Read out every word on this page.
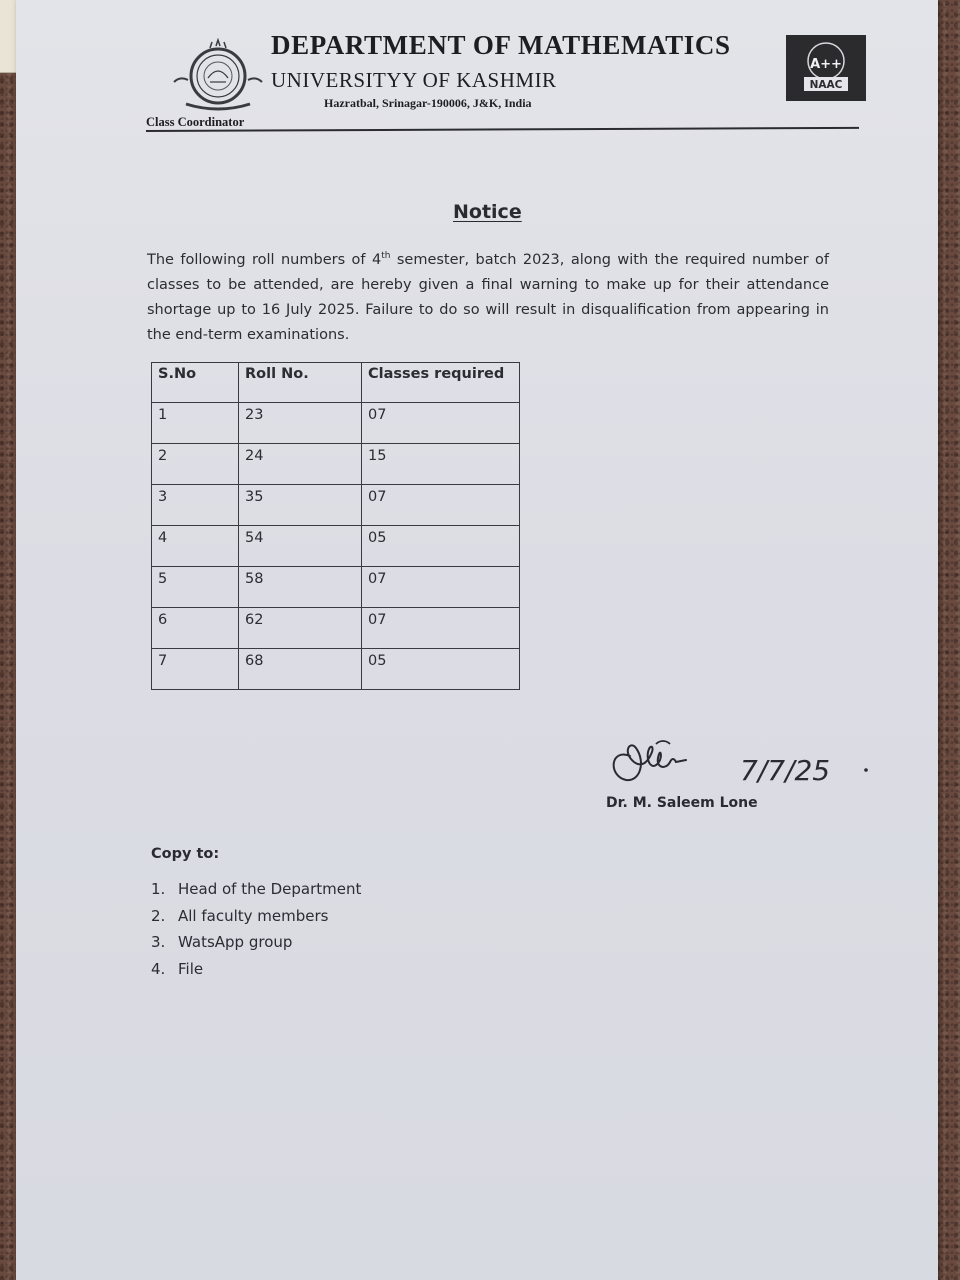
DEPARTMENT OF MATHEMATICS
UNIVERSITYY OF KASHMIR
Hazratbal, Srinagar-190006, J&K, India
A++
NAAC
Class Coordinator
Notice
The following roll numbers of 4th semester, batch 2023, along with the required number of classes to be attended, are hereby given a final warning to make up for their attendance shortage up to 16 July 2025. Failure to do so will result in disqualification from appearing in the end-term examinations.
S.No	Roll No.	Classes required
1	23	07
2	24	15
3	35	07
4	54	05
5	58	07
6	62	07
7	68	05
7/7/25
Dr. M. Saleem Lone
Copy to:
1. Head of the Department
2. All faculty members
3. WatsApp group
4. File
